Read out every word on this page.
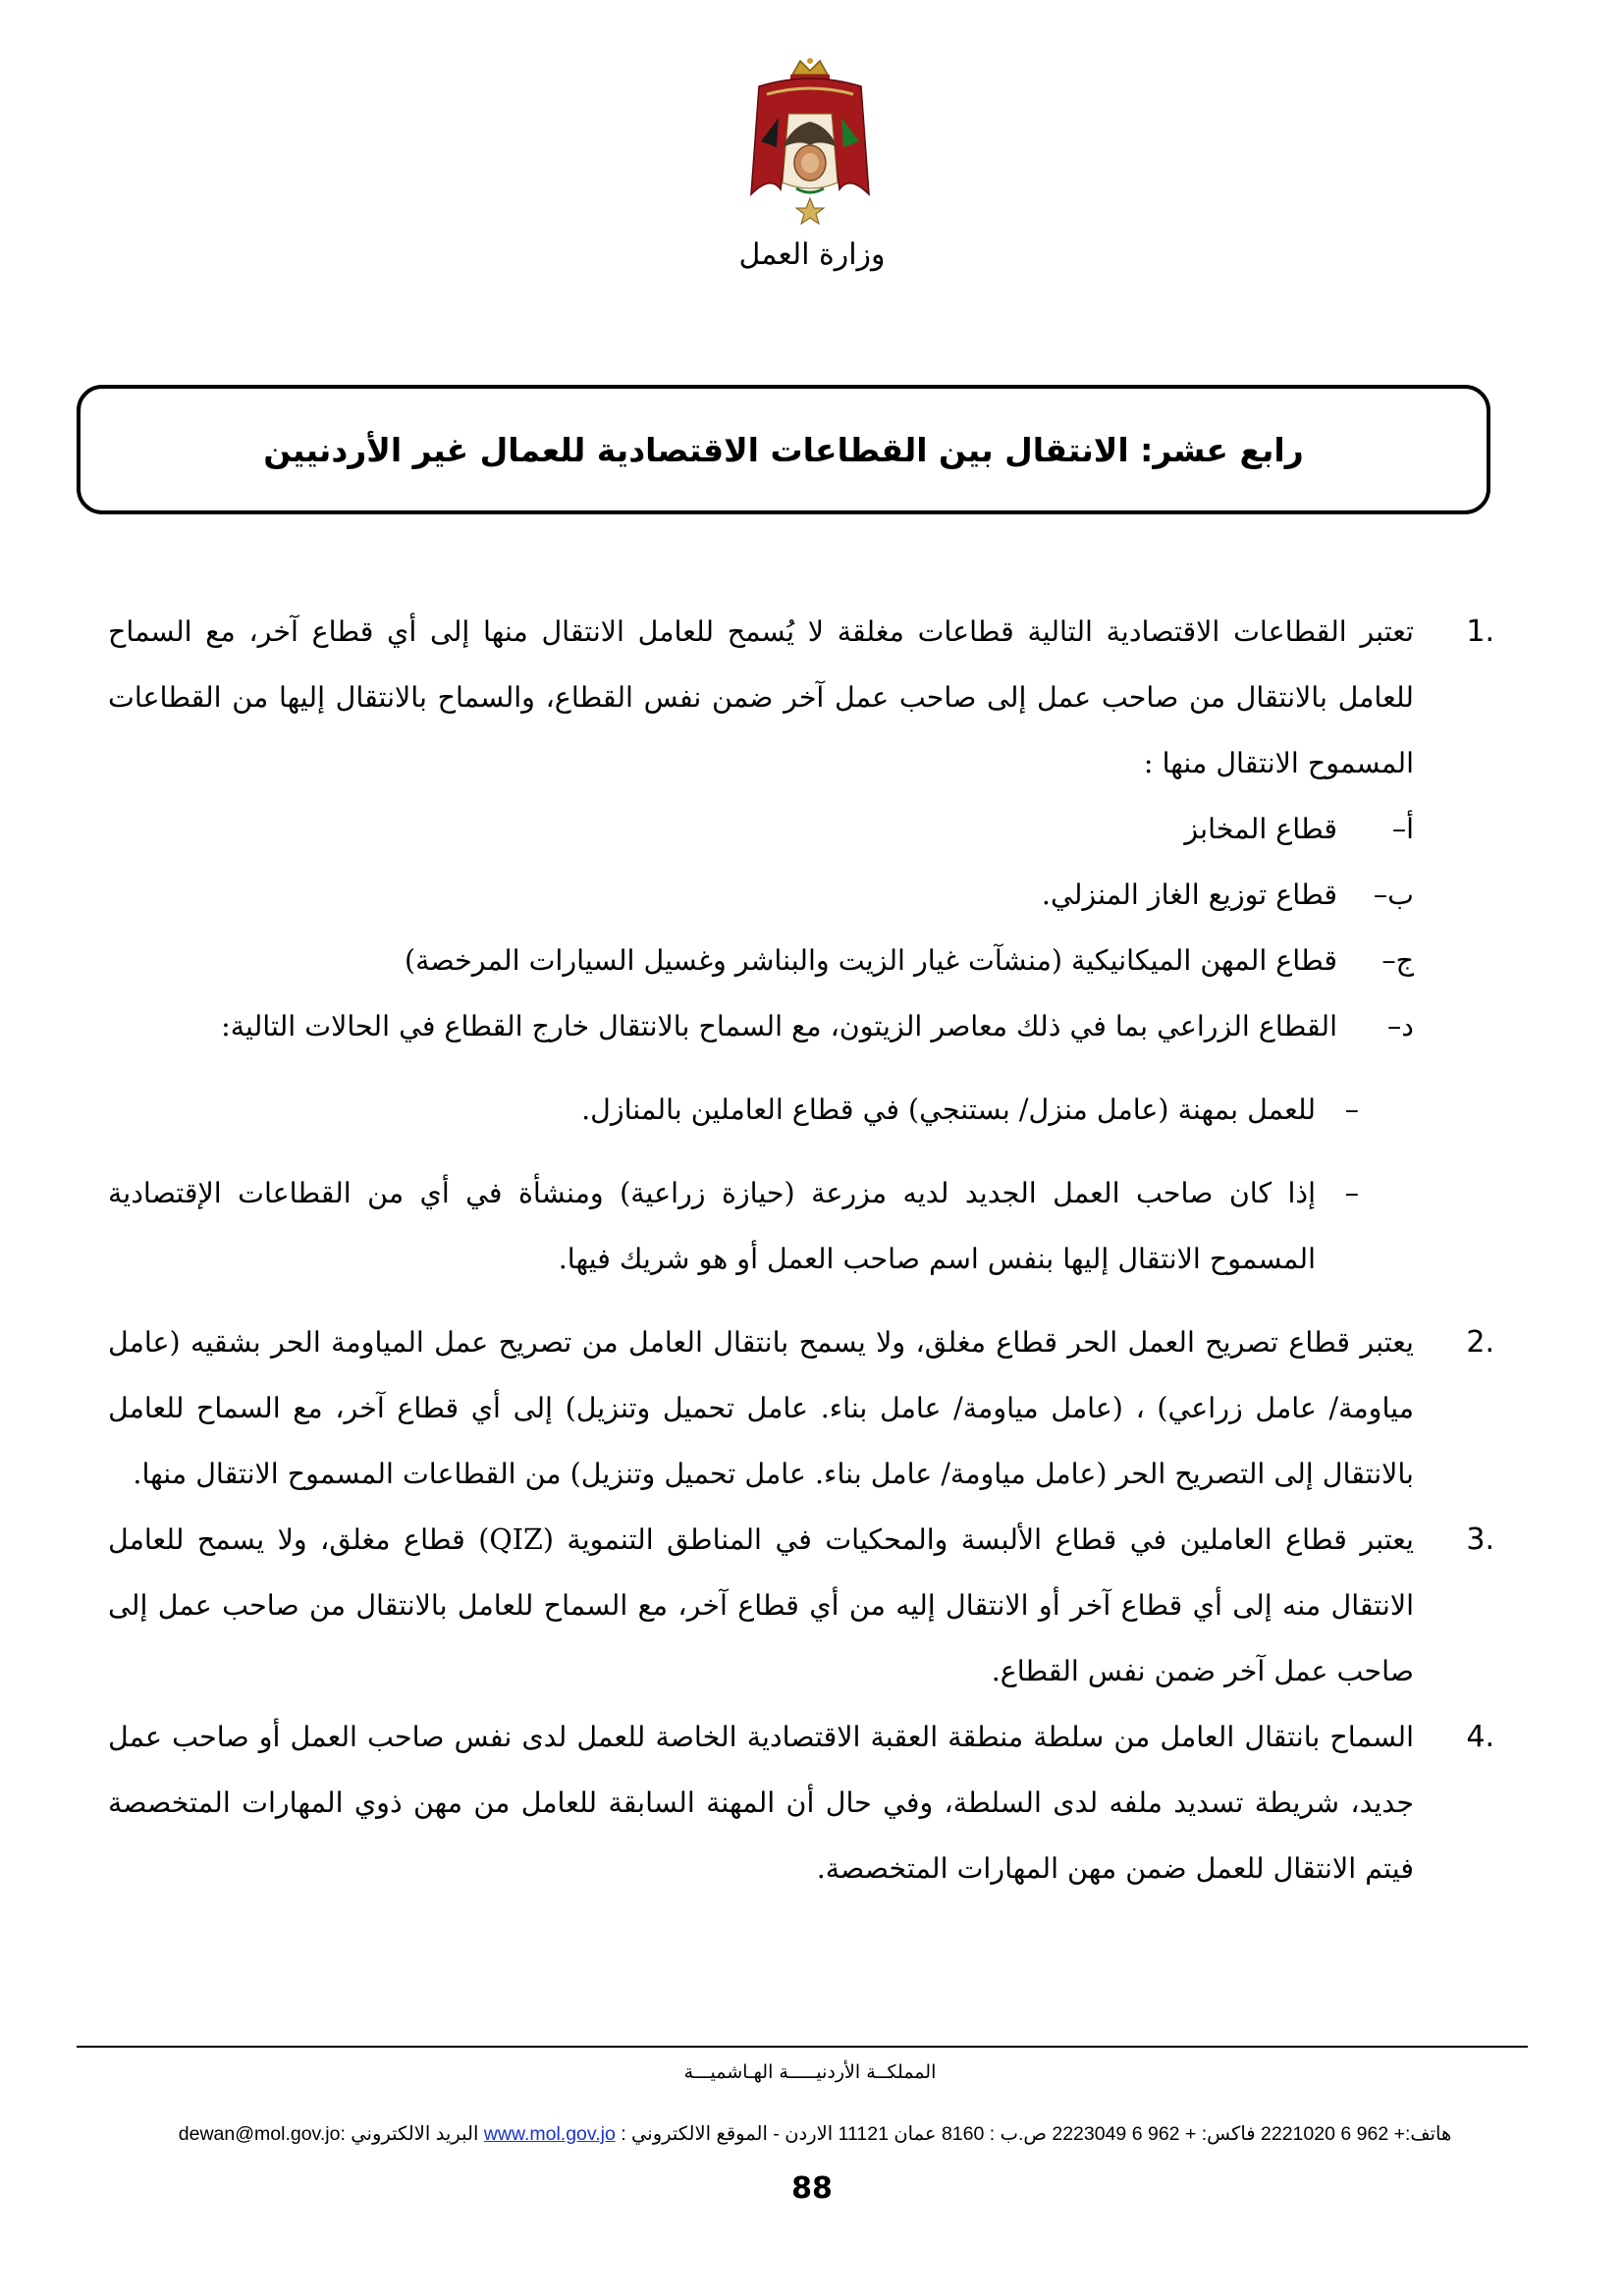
وزارة العمل
رابع عشر: الانتقال بين القطاعات الاقتصادية للعمال غير الأردنيين
1.
تعتبر القطاعات الاقتصادية التالية قطاعات مغلقة لا يُسمح للعامل الانتقال منها إلى أي قطاع آخر، مع السماح للعامل بالانتقال من صاحب عمل إلى صاحب عمل آخر ضمن نفس القطاع، والسماح بالانتقال إليها من القطاعات المسموح الانتقال منها :
أ–
قطاع المخابز
ب–
قطاع توزيع الغاز المنزلي.
ج–
قطاع المهن الميكانيكية (منشآت غيار الزيت والبناشر وغسيل السيارات المرخصة)
د–
القطاع الزراعي بما في ذلك معاصر الزيتون، مع السماح بالانتقال خارج القطاع في الحالات التالية:
–
للعمل بمهنة (عامل منزل/ بستنجي) في قطاع العاملين بالمنازل.
–
إذا كان صاحب العمل الجديد لديه مزرعة (حيازة زراعية) ومنشأة في أي من القطاعات الإقتصادية المسموح الانتقال إليها بنفس اسم صاحب العمل أو هو شريك فيها.
2.
يعتبر قطاع تصريح العمل الحر قطاع مغلق، ولا يسمح بانتقال العامل من تصريح عمل المياومة الحر بشقيه (عامل مياومة/ عامل زراعي) ، (عامل مياومة/ عامل بناء. عامل تحميل وتنزيل) إلى أي قطاع آخر، مع السماح للعامل بالانتقال إلى التصريح الحر (عامل مياومة/ عامل بناء. عامل تحميل وتنزيل) من القطاعات المسموح الانتقال منها.
3.
يعتبر قطاع العاملين في قطاع الألبسة والمحكيات في المناطق التنموية (QIZ) قطاع مغلق، ولا يسمح للعامل الانتقال منه إلى أي قطاع آخر أو الانتقال إليه من أي قطاع آخر، مع السماح للعامل بالانتقال من صاحب عمل إلى صاحب عمل آخر ضمن نفس القطاع.
4.
السماح بانتقال العامل من سلطة منطقة العقبة الاقتصادية الخاصة للعمل لدى نفس صاحب العمل أو صاحب عمل جديد، شريطة تسديد ملفه لدى السلطة، وفي حال أن المهنة السابقة للعامل من مهن ذوي المهارات المتخصصة فيتم الانتقال للعمل ضمن مهن المهارات المتخصصة.
المملكــة الأردنيـــــة الهـاشميـــة
هاتف:+ 962 6 2221020 فاكس: + 962 6 2223049 ص.ب : 8160 عمان 11121 الاردن - الموقع الالكتروني : www.mol.gov.jo البريد الالكتروني :dewan@mol.gov.jo
88
